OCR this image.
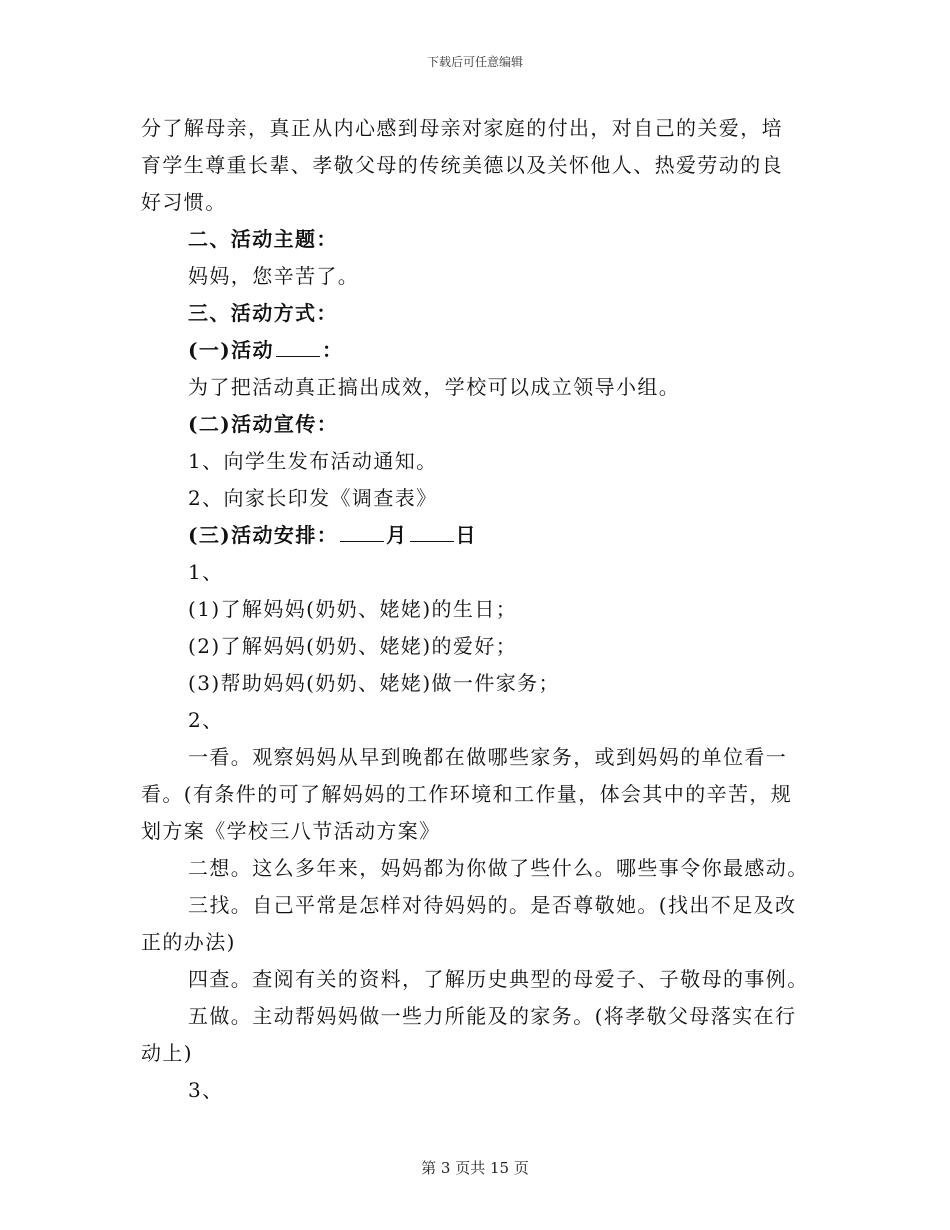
下载后可任意编辑
分了解母亲，真正从内心感到母亲对家庭的付出，对自己的关爱，培
育学生尊重长辈、孝敬父母的传统美德以及关怀他人、热爱劳动的良
好习惯。
二、活动主题：
妈妈，您辛苦了。
三、活动方式：
(一)活动 ：
为了把活动真正搞出成效，学校可以成立领导小组。
(二)活动宣传：
1、向学生发布活动通知。
2、向家长印发《调查表》
(三)活动安排： 月 日
1、
(1)了解妈妈(奶奶、姥姥)的生日；
(2)了解妈妈(奶奶、姥姥)的爱好；
(3)帮助妈妈(奶奶、姥姥)做一件家务；
2、
一看。观察妈妈从早到晚都在做哪些家务，或到妈妈的单位看一
看。(有条件的可了解妈妈的工作环境和工作量，体会其中的辛苦，规
划方案《学校三八节活动方案》
二想。这么多年来，妈妈都为你做了些什么。哪些事令你最感动。
三找。自己平常是怎样对待妈妈的。是否尊敬她。(找出不足及改
正的办法)
四查。查阅有关的资料，了解历史典型的母爱子、子敬母的事例。
五做。主动帮妈妈做一些力所能及的家务。(将孝敬父母落实在行
动上)
3、
第 3 页共 15 页
